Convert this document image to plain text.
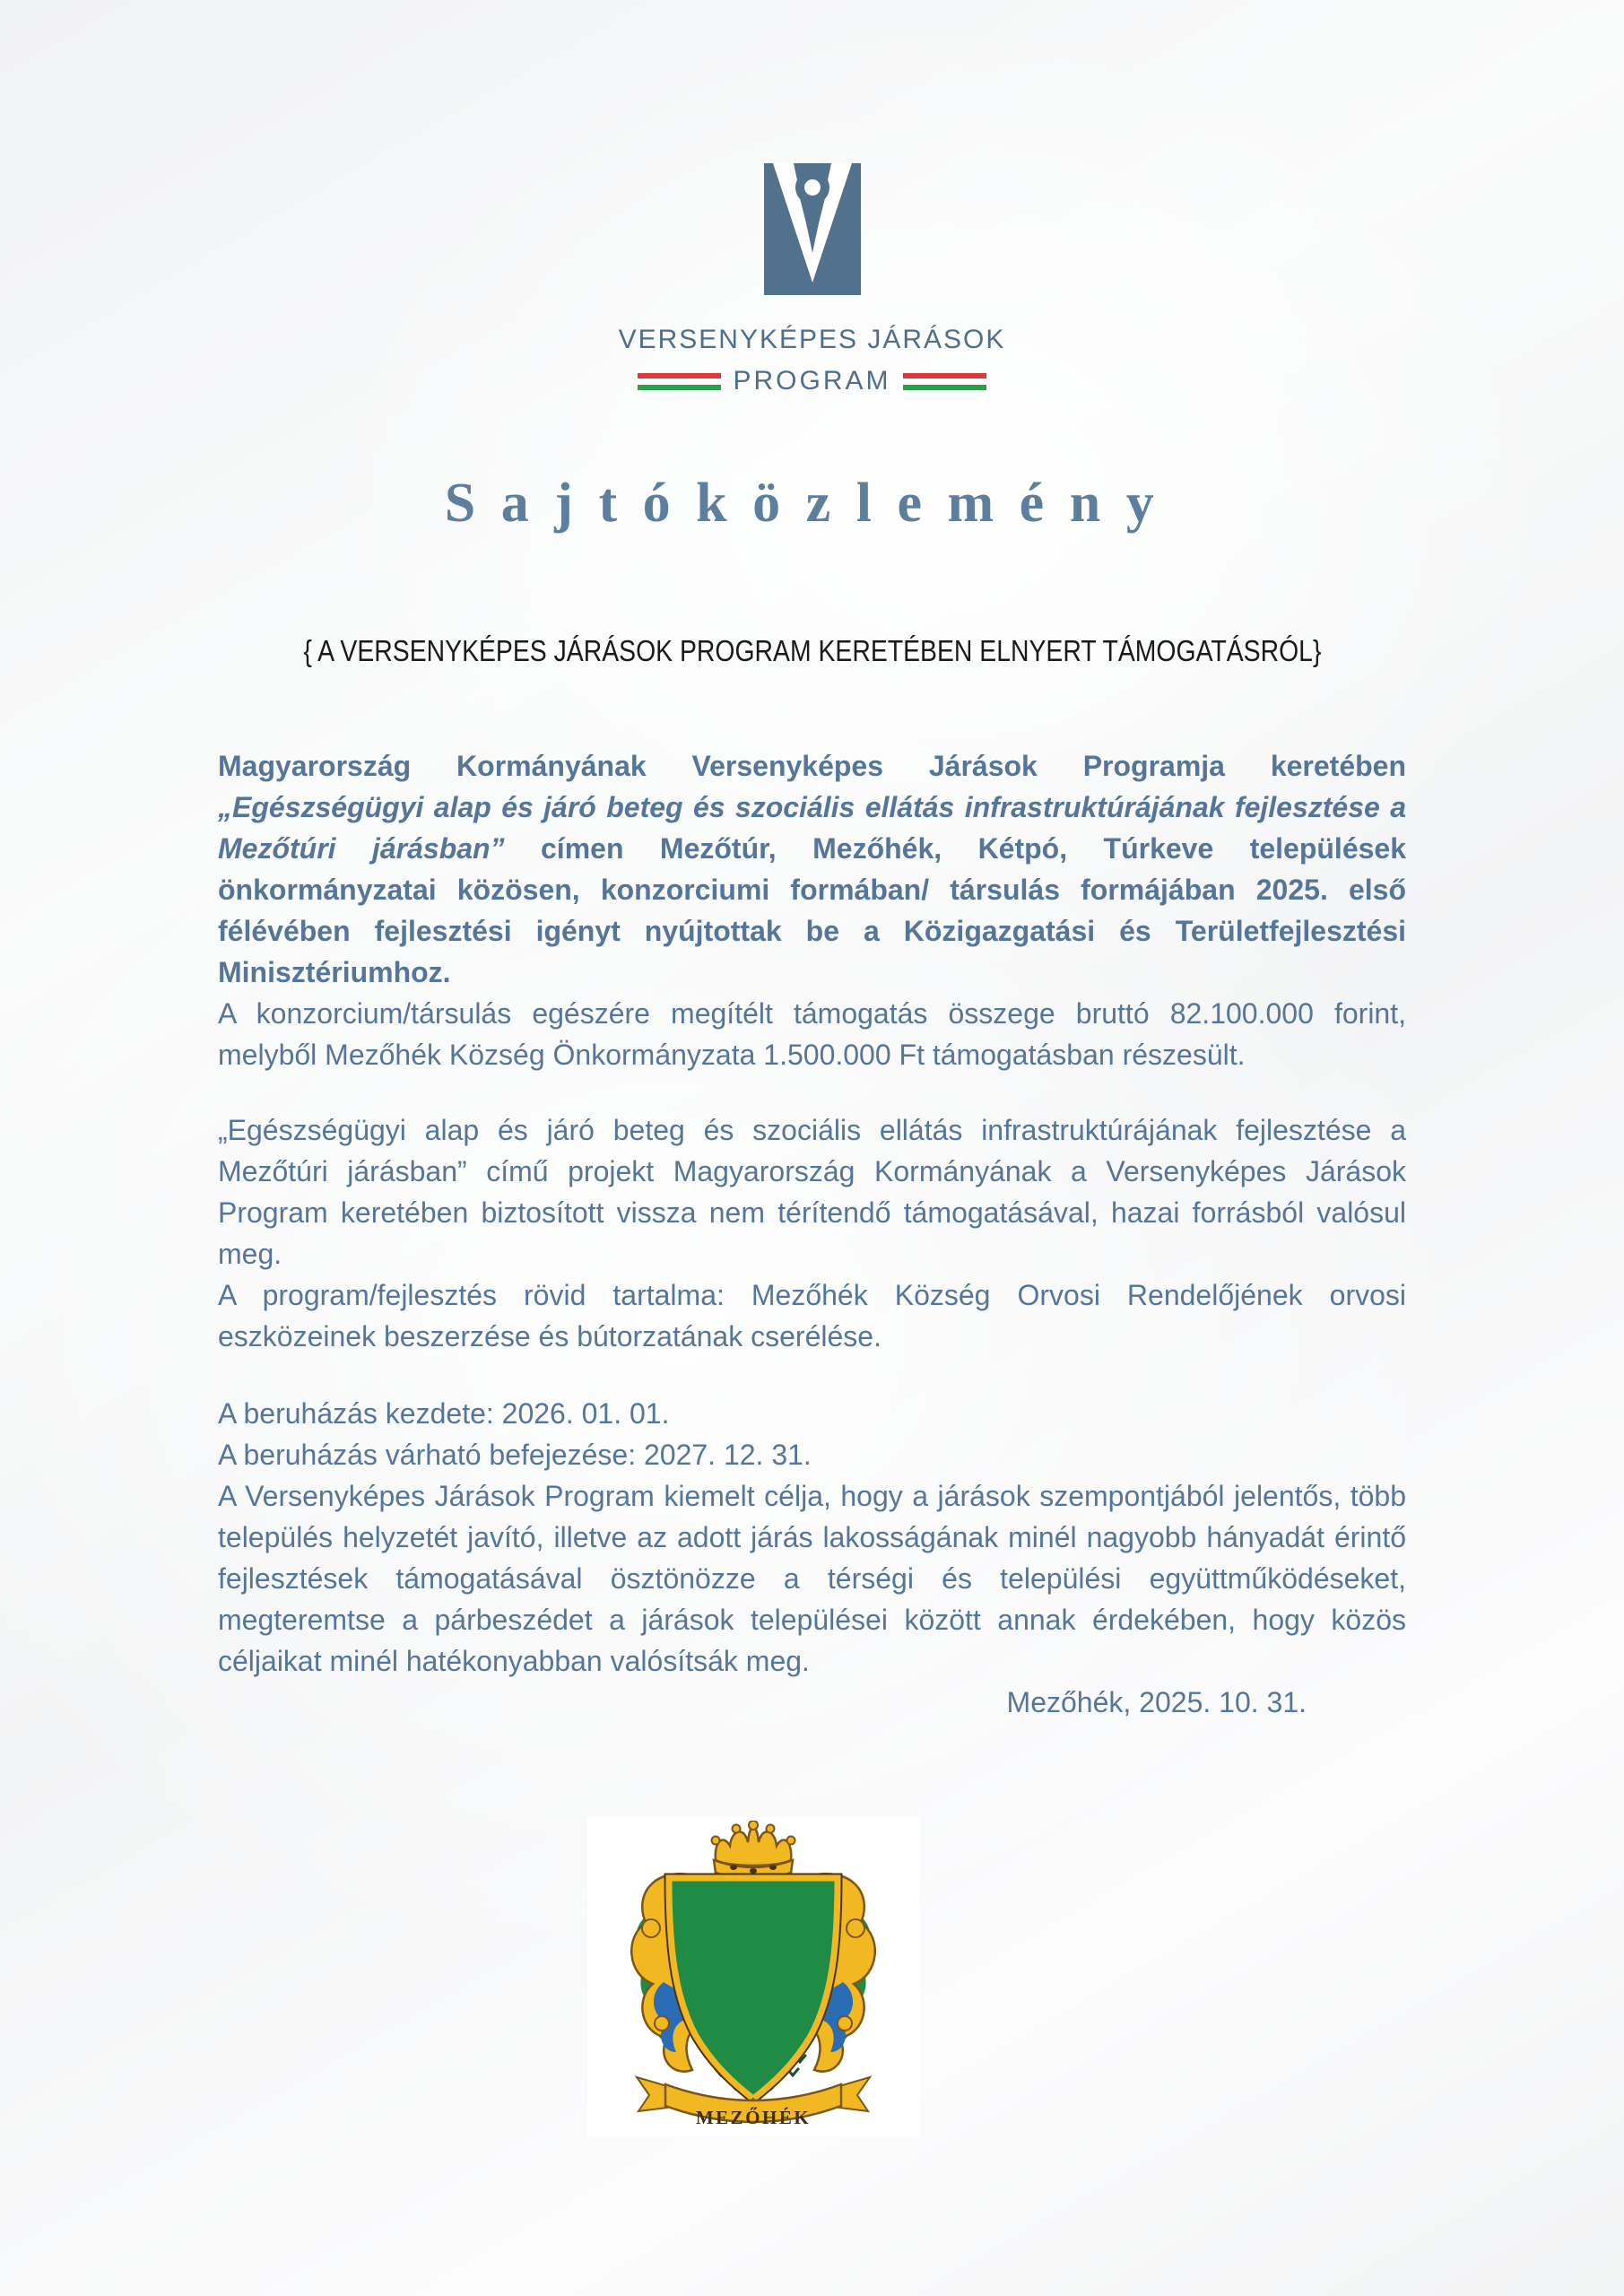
VERSENYKÉPES JÁRÁSOK
PROGRAM
Sajtóközlemény
{ A VERSENYKÉPES JÁRÁSOK PROGRAM KERETÉBEN ELNYERT TÁMOGATÁSRÓL}

Magyarország Kormányának Versenyképes Járások Programja keretében „Egészségügyi alap és járó beteg és szociális ellátás infrastruktúrájának fejlesztése a Mezőtúri járásban” címen Mezőtúr, Mezőhék, Kétpó, Túrkeve települések önkormányzatai közösen, konzorciumi formában/ társulás formájában 2025. első félévében fejlesztési igényt nyújtottak be a Közigazgatási és Területfejlesztési Minisztériumhoz.

A konzorcium/társulás egészére megítélt támogatás összege bruttó 82.100.000 forint, melyből Mezőhék Község Önkormányzata 1.500.000 Ft támogatásban részesült.

„Egészségügyi alap és járó beteg és szociális ellátás infrastruktúrájának fejlesztése a Mezőtúri járásban” című projekt Magyarország Kormányának a Versenyképes Járások Program keretében biztosított vissza nem térítendő támogatásával, hazai forrásból valósul meg.

A program/fejlesztés rövid tartalma: Mezőhék Község Orvosi Rendelőjének orvosi eszközeinek beszerzése és bútorzatának cserélése.

A beruházás kezdete: 2026. 01. 01.

A beruházás várható befejezése: 2027. 12. 31.

A Versenyképes Járások Program kiemelt célja, hogy a járások szempontjából jelentős, több település helyzetét javító, illetve az adott járás lakosságának minél nagyobb hányadát érintő fejlesztések támogatásával ösztönözze a térségi és települési együttműködéseket, megteremtse a párbeszédet a járások települései között annak érdekében, hogy közös céljaikat minél hatékonyabban valósítsák meg.

Mezőhék, 2025. 10. 31.

MEZŐHÉK
